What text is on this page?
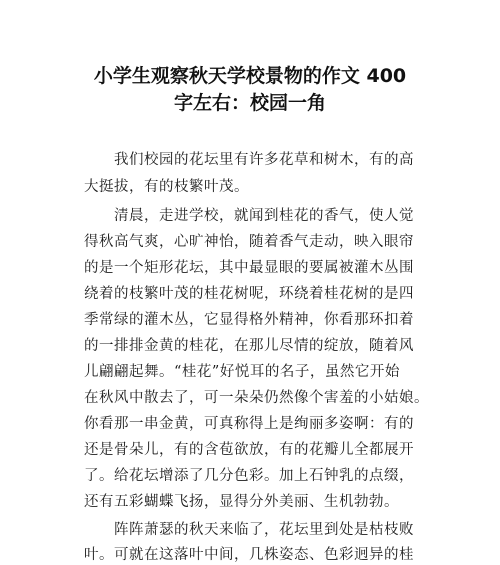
小学生观察秋天学校景物的作文 400
字左右：校园一角
我们校园的花坛里有许多花草和树木，有的高
大挺拔，有的枝繁叶茂。
清晨，走进学校，就闻到桂花的香气，使人觉
得秋高气爽，心旷神怡，随着香气走动，映入眼帘
的是一个矩形花坛，其中最显眼的要属被灌木丛围
绕着的枝繁叶茂的桂花树呢，环绕着桂花树的是四
季常绿的灌木丛，它显得格外精神，你看那环扣着
的一排排金黄的桂花，在那儿尽情的绽放，随着风
儿翩翩起舞。“桂花”好悦耳的名子，虽然它开始
在秋风中散去了，可一朵朵仍然像个害羞的小姑娘。
你看那一串金黄，可真称得上是绚丽多姿啊：有的
还是骨朵儿，有的含苞欲放，有的花瓣儿全都展开
了。给花坛增添了几分色彩。加上石钟乳的点缀，
还有五彩蝴蝶飞扬，显得分外美丽、生机勃勃。
阵阵萧瑟的秋天来临了，花坛里到处是枯枝败
叶。可就在这落叶中间，几株姿态、色彩迥异的桂
